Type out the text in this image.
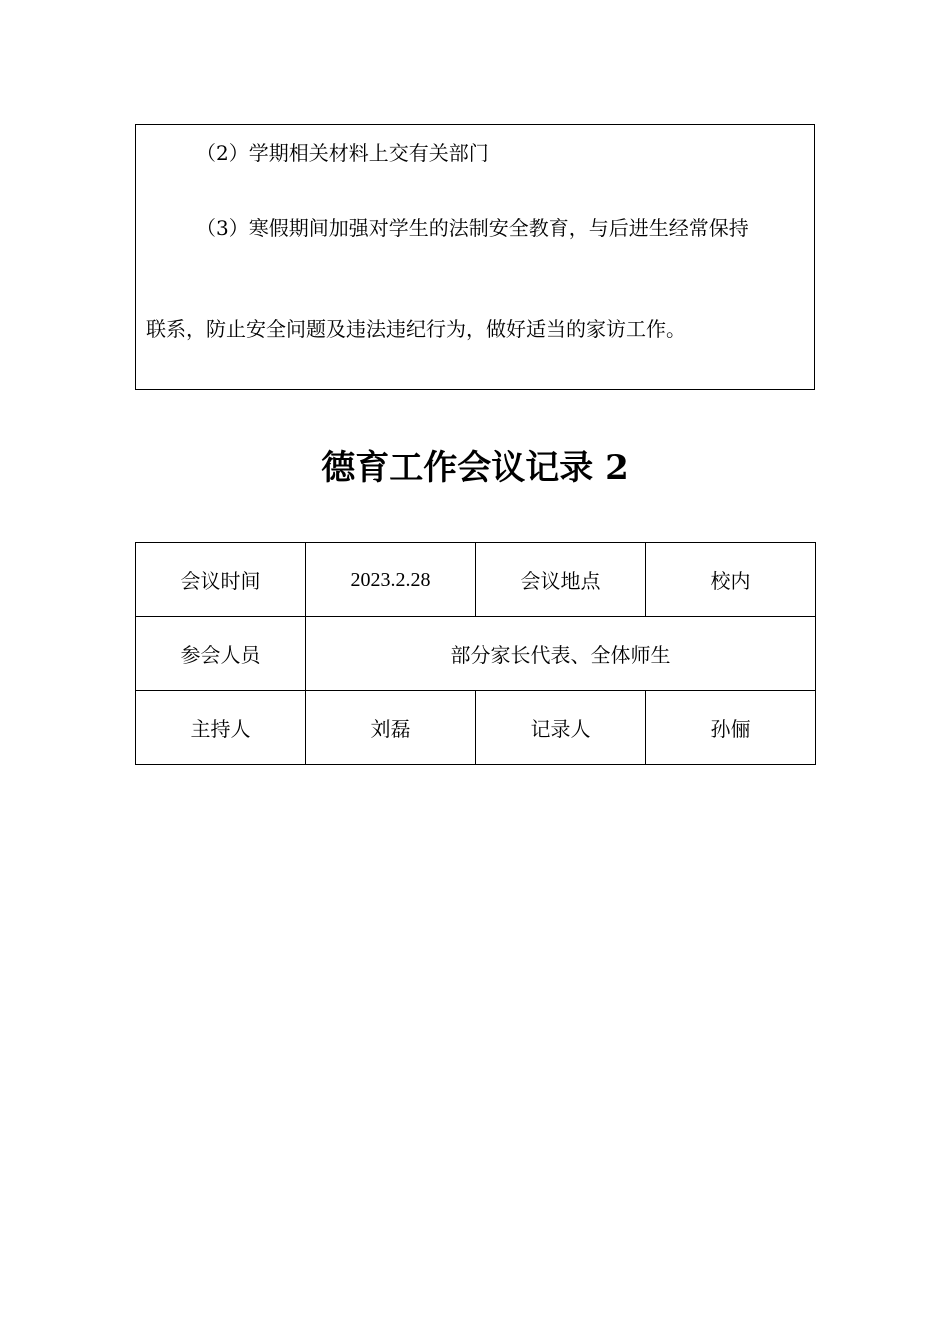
（2）学期相关材料上交有关部门
（3）寒假期间加强对学生的法制安全教育，与后进生经常保持
联系，防止安全问题及违法违纪行为，做好适当的家访工作。
德育工作会议记录 2
会议时间	2023.2.28	会议地点	校内
参会人员	部分家长代表、全体师生		
主持人	刘磊	记录人	孙俪
